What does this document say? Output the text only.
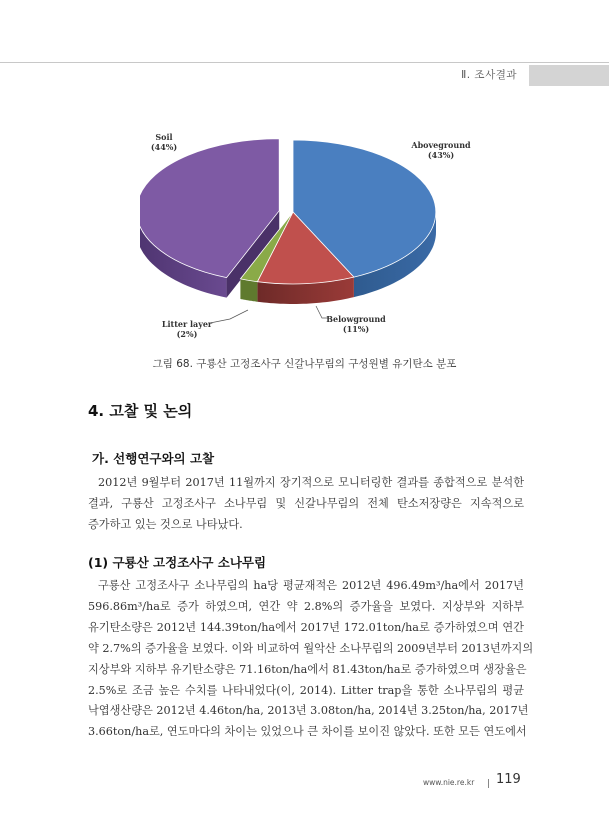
Ⅱ. 조사결과
Soil
(44%)	Aboveground
(43%)
Belowground
(11%)
Litter layer
(2%)
그림 68. 구룡산 고정조사구 신갈나무림의 구성원별 유기탄소 분포
4. 고찰 및 논의
가. 선행연구와의 고찰
2012년 9월부터 2017년 11월까지 장기적으로 모니터링한 결과를 종합적으로 분석한
결과, 구룡산 고정조사구 소나무림 및 신갈나무림의 전체 탄소저장량은 지속적으로
증가하고 있는 것으로 나타났다.
(1) 구룡산 고정조사구 소나무림
구룡산 고정조사구 소나무림의 ha당 평균재적은 2012년 496.49m³/ha에서 2017년
596.86m³/ha로 증가 하였으며, 연간 약 2.8%의 증가율을 보였다. 지상부와 지하부
유기탄소량은 2012년 144.39ton/ha에서 2017년 172.01ton/ha로 증가하였으며 연간
약 2.7%의 증가율을 보였다. 이와 비교하여 월악산 소나무림의 2009년부터 2013년까지의
지상부와 지하부 유기탄소량은 71.16ton/ha에서 81.43ton/ha로 증가하였으며 생장율은
2.5%로 조금 높은 수치를 나타내었다(이, 2014). Litter trap을 통한 소나무림의 평균
낙엽생산량은 2012년 4.46ton/ha, 2013년 3.08ton/ha, 2014년 3.25ton/ha, 2017년
3.66ton/ha로, 연도마다의 차이는 있었으나 큰 차이를 보이진 않았다. 또한 모든 연도에서
www.nie.re.kr 119
